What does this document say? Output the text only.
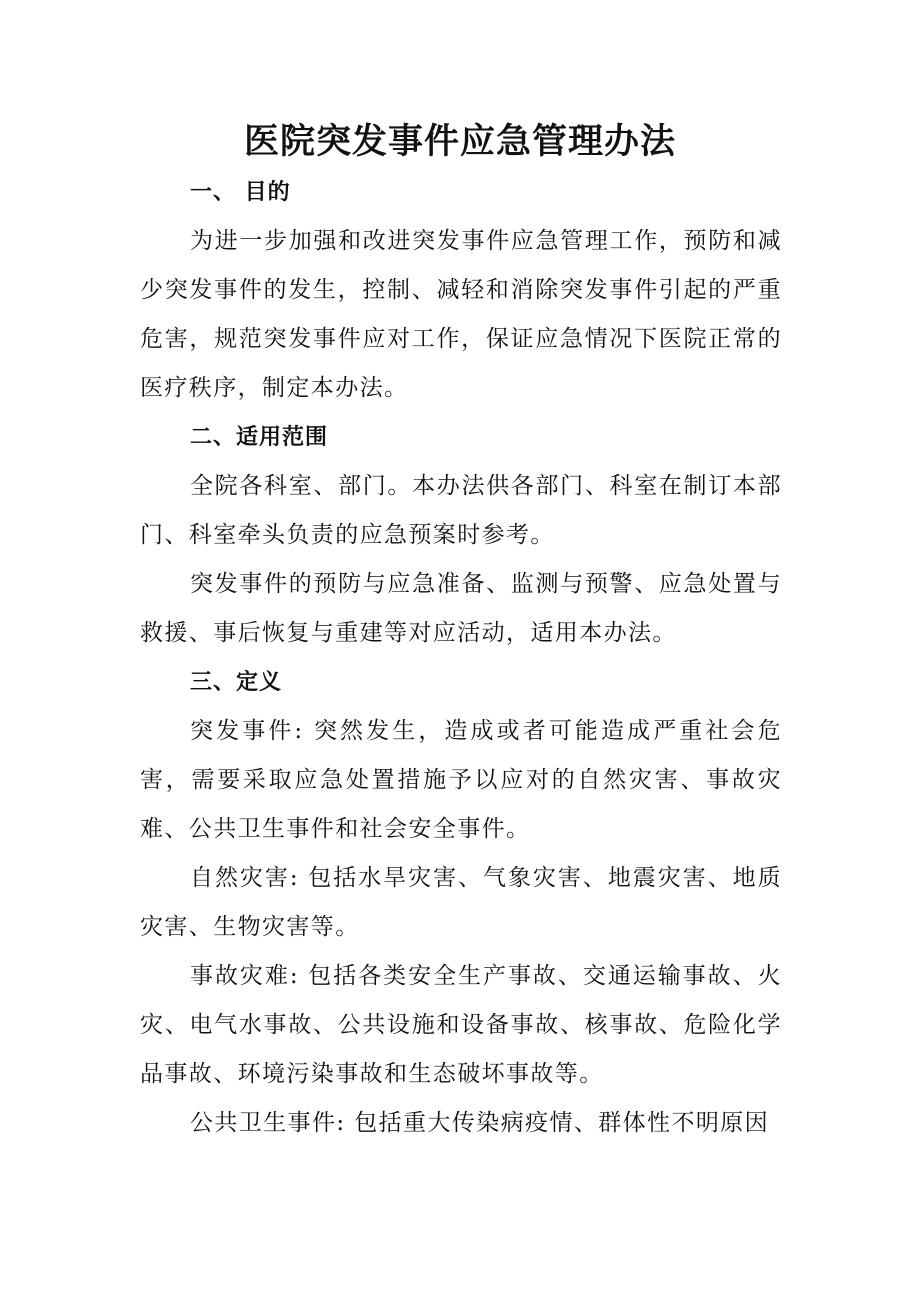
医院突发事件应急管理办法
一、 目的

为进一步加强和改进突发事件应急管理工作，预防和减少突发事件的发生，控制、减轻和消除突发事件引起的严重危害，规范突发事件应对工作，保证应急情况下医院正常的医疗秩序，制定本办法。

二、适用范围

全院各科室、部门。本办法供各部门、科室在制订本部门、科室牵头负责的应急预案时参考。

突发事件的预防与应急准备、监测与预警、应急处置与救援、事后恢复与重建等对应活动，适用本办法。

三、定义

突发事件: 突然发生，造成或者可能造成严重社会危害，需要采取应急处置措施予以应对的自然灾害、事故灾难、公共卫生事件和社会安全事件。

自然灾害: 包括水旱灾害、气象灾害、地震灾害、地质灾害、生物灾害等。

事故灾难: 包括各类安全生产事故、交通运输事故、火灾、电气水事故、公共设施和设备事故、核事故、危险化学品事故、环境污染事故和生态破坏事故等。

公共卫生事件: 包括重大传染病疫情、群体性不明原因
